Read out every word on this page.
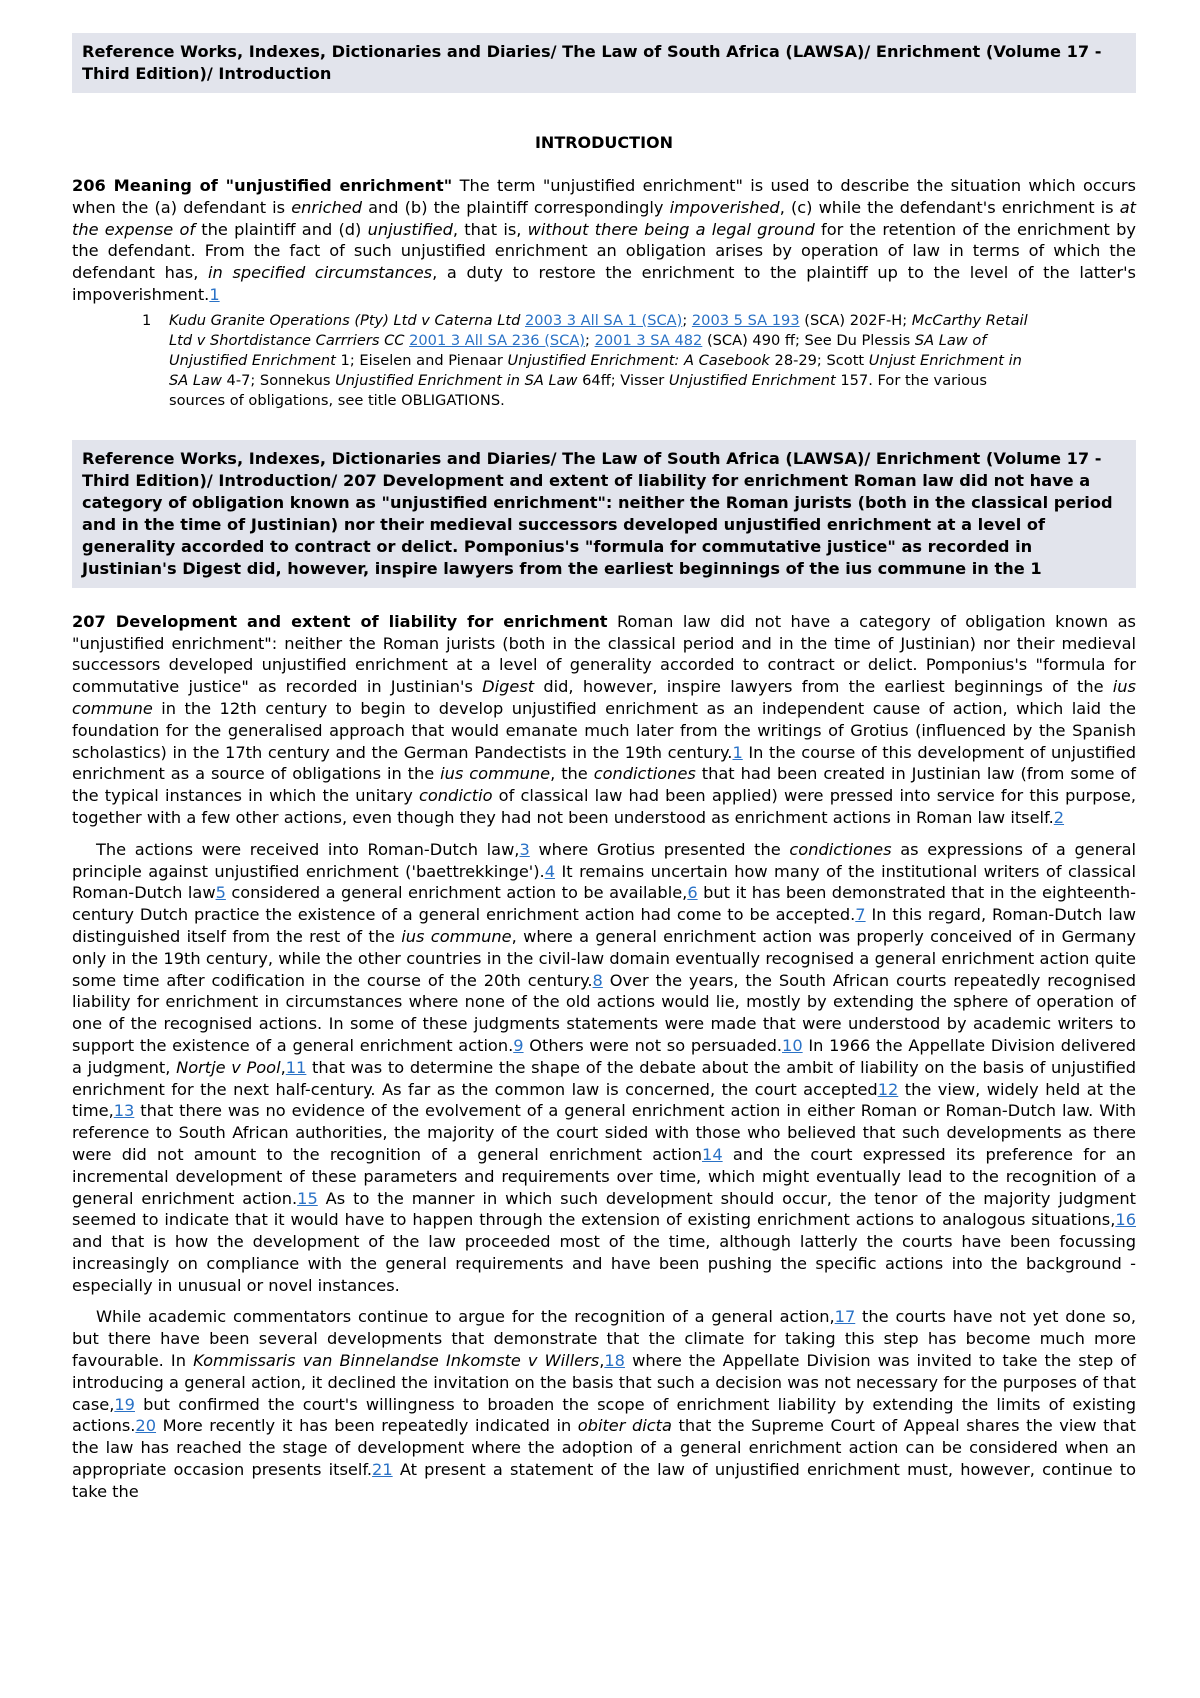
Reference Works, Indexes, Dictionaries and Diaries/ The Law of South Africa (LAWSA)/ Enrichment (Volume 17 - Third Edition)/ Introduction
INTRODUCTION

206 Meaning of "unjustified enrichment" The term "unjustified enrichment" is used to describe the situation which occurs when the (a) defendant is enriched and (b) the plaintiff correspondingly impoverished, (c) while the defendant's enrichment is at the expense of the plaintiff and (d) unjustified, that is, without there being a legal ground for the retention of the enrichment by the defendant. From the fact of such unjustified enrichment an obligation arises by operation of law in terms of which the defendant has, in specified circumstances, a duty to restore the enrichment to the plaintiff up to the level of the latter's impoverishment.1

1 Kudu Granite Operations (Pty) Ltd v Caterna Ltd 2003 3 All SA 1 (SCA); 2003 5 SA 193 (SCA) 202F-H; McCarthy Retail Ltd v Shortdistance Carrriers CC 2001 3 All SA 236 (SCA); 2001 3 SA 482 (SCA) 490 ff; See Du Plessis SA Law of Unjustified Enrichment 1; Eiselen and Pienaar Unjustified Enrichment: A Casebook 28-29; Scott Unjust Enrichment in SA Law 4-7; Sonnekus Unjustified Enrichment in SA Law 64ff; Visser Unjustified Enrichment 157. For the various sources of obligations, see title OBLIGATIONS.
Reference Works, Indexes, Dictionaries and Diaries/ The Law of South Africa (LAWSA)/ Enrichment (Volume 17 - Third Edition)/ Introduction/ 207 Development and extent of liability for enrichment Roman law did not have a category of obligation known as "unjustified enrichment": neither the Roman jurists (both in the classical period and in the time of Justinian) nor their medieval successors developed unjustified enrichment at a level of generality accorded to contract or delict. Pomponius's "formula for commutative justice" as recorded in Justinian's Digest did, however, inspire lawyers from the earliest beginnings of the ius commune in the 1

207 Development and extent of liability for enrichment Roman law did not have a category of obligation known as "unjustified enrichment": neither the Roman jurists (both in the classical period and in the time of Justinian) nor their medieval successors developed unjustified enrichment at a level of generality accorded to contract or delict. Pomponius's "formula for commutative justice" as recorded in Justinian's Digest did, however, inspire lawyers from the earliest beginnings of the ius commune in the 12th century to begin to develop unjustified enrichment as an independent cause of action, which laid the foundation for the generalised approach that would emanate much later from the writings of Grotius (influenced by the Spanish scholastics) in the 17th century and the German Pandectists in the 19th century.1 In the course of this development of unjustified enrichment as a source of obligations in the ius commune, the condictiones that had been created in Justinian law (from some of the typical instances in which the unitary condictio of classical law had been applied) were pressed into service for this purpose, together with a few other actions, even though they had not been understood as enrichment actions in Roman law itself.2

The actions were received into Roman-Dutch law,3 where Grotius presented the condictiones as expressions of a general principle against unjustified enrichment ('baettrekkinge').4 It remains uncertain how many of the institutional writers of classical Roman-Dutch law5 considered a general enrichment action to be available,6 but it has been demonstrated that in the eighteenth-century Dutch practice the existence of a general enrichment action had come to be accepted.7 In this regard, Roman-Dutch law distinguished itself from the rest of the ius commune, where a general enrichment action was properly conceived of in Germany only in the 19th century, while the other countries in the civil-law domain eventually recognised a general enrichment action quite some time after codification in the course of the 20th century.8 Over the years, the South African courts repeatedly recognised liability for enrichment in circumstances where none of the old actions would lie, mostly by extending the sphere of operation of one of the recognised actions. In some of these judgments statements were made that were understood by academic writers to support the existence of a general enrichment action.9 Others were not so persuaded.10 In 1966 the Appellate Division delivered a judgment, Nortje v Pool,11 that was to determine the shape of the debate about the ambit of liability on the basis of unjustified enrichment for the next half-century. As far as the common law is concerned, the court accepted12 the view, widely held at the time,13 that there was no evidence of the evolvement of a general enrichment action in either Roman or Roman-Dutch law. With reference to South African authorities, the majority of the court sided with those who believed that such developments as there were did not amount to the recognition of a general enrichment action14 and the court expressed its preference for an incremental development of these parameters and requirements over time, which might eventually lead to the recognition of a general enrichment action.15 As to the manner in which such development should occur, the tenor of the majority judgment seemed to indicate that it would have to happen through the extension of existing enrichment actions to analogous situations,16 and that is how the development of the law proceeded most of the time, although latterly the courts have been focussing increasingly on compliance with the general requirements and have been pushing the specific actions into the background - especially in unusual or novel instances.

While academic commentators continue to argue for the recognition of a general action,17 the courts have not yet done so, but there have been several developments that demonstrate that the climate for taking this step has become much more favourable. In Kommissaris van Binnelandse Inkomste v Willers,18 where the Appellate Division was invited to take the step of introducing a general action, it declined the invitation on the basis that such a decision was not necessary for the purposes of that case,19 but confirmed the court's willingness to broaden the scope of enrichment liability by extending the limits of existing actions.20 More recently it has been repeatedly indicated in obiter dicta that the Supreme Court of Appeal shares the view that the law has reached the stage of development where the adoption of a general enrichment action can be considered when an appropriate occasion presents itself.21 At present a statement of the law of unjustified enrichment must, however, continue to take the
